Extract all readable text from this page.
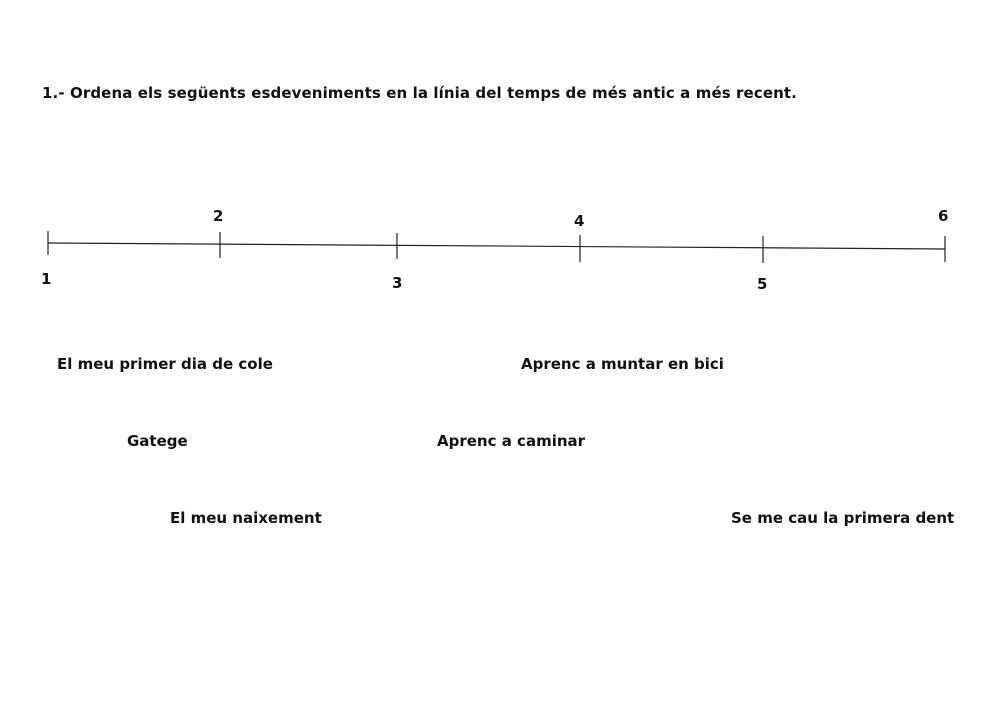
1.- Ordena els següents esdeveniments en la línia del temps de més antic a més recent.
1
2
3
4
5
6
El meu primer dia de cole	Aprenc a muntar en bici
Gatege	Aprenc a caminar
El meu naixement	Se me cau la primera dent
